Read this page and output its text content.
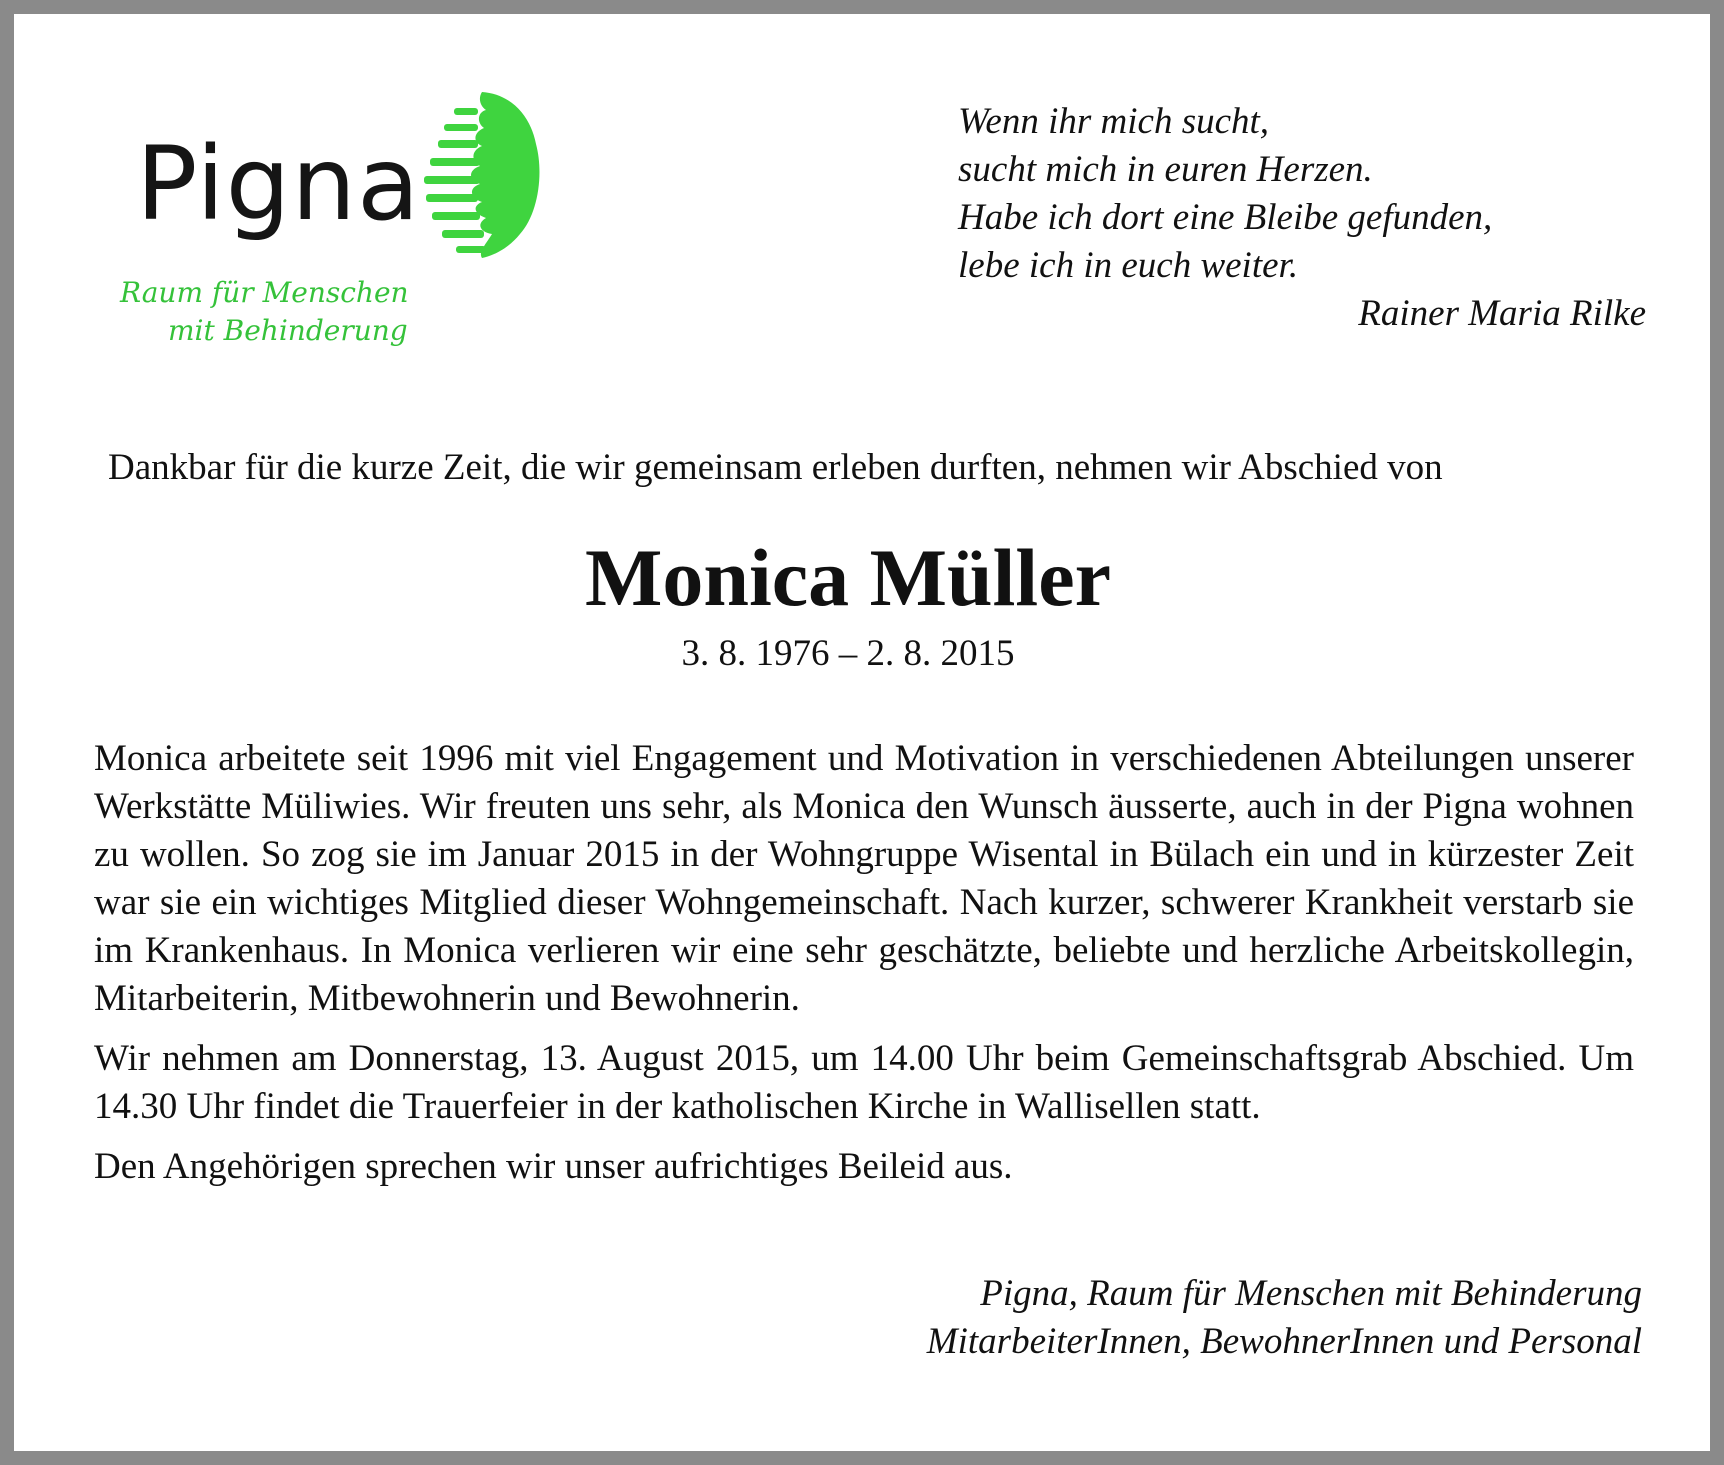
Pigna
Raum für Menschen
mit Behinderung
Wenn ihr mich sucht,
sucht mich in euren Herzen.
Habe ich dort eine Bleibe gefunden,
lebe ich in euch weiter.
Rainer Maria Rilke
Dankbar für die kurze Zeit, die wir gemeinsam erleben durften, nehmen wir Abschied von
Monica Müller
3. 8. 1976 – 2. 8. 2015

Monica arbeitete seit 1996 mit viel Engagement und Motivation in verschiedenen Abteilungen unserer Werkstätte Müliwies. Wir freuten uns sehr, als Monica den Wunsch äusserte, auch in der Pigna wohnen zu wollen. So zog sie im Januar 2015 in der Wohngruppe Wisental in Bülach ein und in kürzester Zeit war sie ein wichtiges Mitglied dieser Wohngemeinschaft. Nach kurzer, schwerer Krankheit verstarb sie im Krankenhaus. In Monica verlieren wir eine sehr geschätzte, beliebte und herzliche Arbeitskollegin, Mitarbeiterin, Mitbewohnerin und Bewohnerin.

Wir nehmen am Donnerstag, 13. August 2015, um 14.00 Uhr beim Gemeinschaftsgrab Abschied. Um 14.30 Uhr findet die Trauerfeier in der katholischen Kirche in Wallisellen statt.

Den Angehörigen sprechen wir unser aufrichtiges Beileid aus.

Pigna, Raum für Menschen mit Behinderung
MitarbeiterInnen, BewohnerInnen und Personal
